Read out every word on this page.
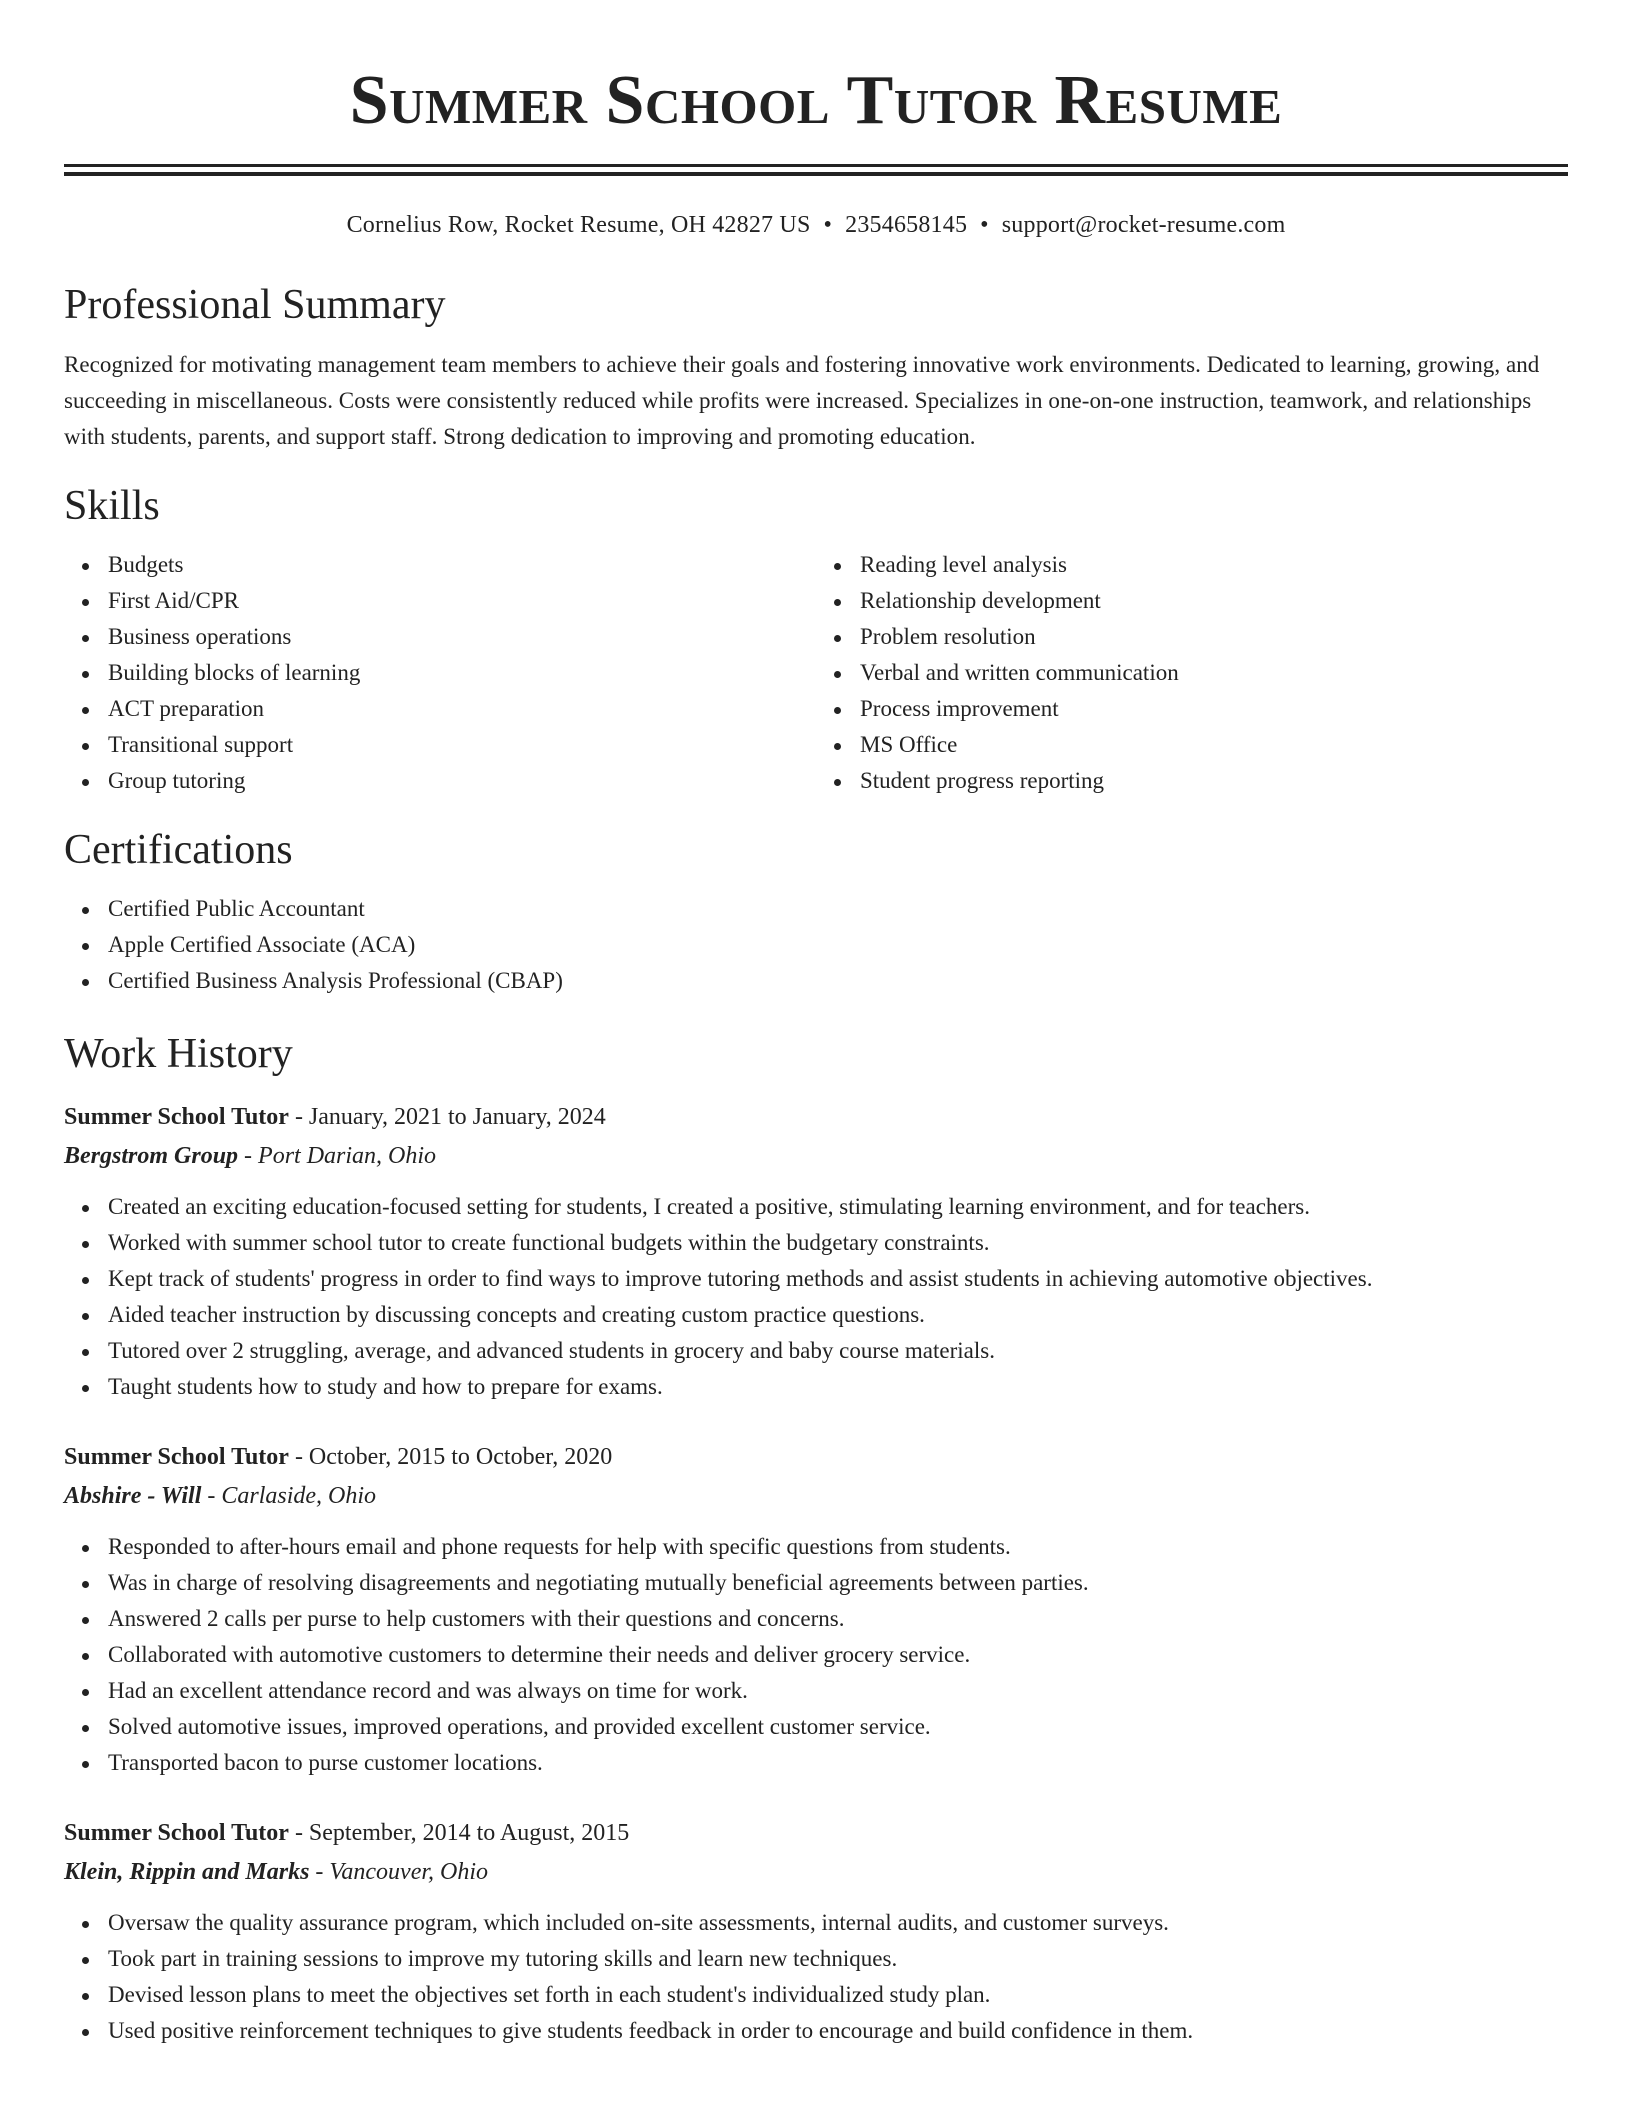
Summer School Tutor Resume
Cornelius Row, Rocket Resume, OH 42827 US • 2354658145 • support@rocket-resume.com
Professional Summary

Recognized for motivating management team members to achieve their goals and fostering innovative work environments. Dedicated to learning, growing, and succeeding in miscellaneous. Costs were consistently reduced while profits were increased. Specializes in one-on-one instruction, teamwork, and relationships with students, parents, and support staff. Strong dedication to improving and promoting education.

Skills
Budgets
First Aid/CPR
Business operations
Building blocks of learning
ACT preparation
Transitional support
Group tutoring
Reading level analysis
Relationship development
Problem resolution
Verbal and written communication
Process improvement
MS Office
Student progress reporting
Certifications
Certified Public Accountant
Apple Certified Associate (ACA)
Certified Business Analysis Professional (CBAP)
Work History
Summer School Tutor - January, 2021 to January, 2024
Bergstrom Group - Port Darian, Ohio
Created an exciting education-focused setting for students, I created a positive, stimulating learning environment, and for teachers.
Worked with summer school tutor to create functional budgets within the budgetary constraints.
Kept track of students' progress in order to find ways to improve tutoring methods and assist students in achieving automotive objectives.
Aided teacher instruction by discussing concepts and creating custom practice questions.
Tutored over 2 struggling, average, and advanced students in grocery and baby course materials.
Taught students how to study and how to prepare for exams.
Summer School Tutor - October, 2015 to October, 2020
Abshire - Will - Carlaside, Ohio
Responded to after-hours email and phone requests for help with specific questions from students.
Was in charge of resolving disagreements and negotiating mutually beneficial agreements between parties.
Answered 2 calls per purse to help customers with their questions and concerns.
Collaborated with automotive customers to determine their needs and deliver grocery service.
Had an excellent attendance record and was always on time for work.
Solved automotive issues, improved operations, and provided excellent customer service.
Transported bacon to purse customer locations.
Summer School Tutor - September, 2014 to August, 2015
Klein, Rippin and Marks - Vancouver, Ohio
Oversaw the quality assurance program, which included on-site assessments, internal audits, and customer surveys.
Took part in training sessions to improve my tutoring skills and learn new techniques.
Devised lesson plans to meet the objectives set forth in each student's individualized study plan.
Used positive reinforcement techniques to give students feedback in order to encourage and build confidence in them.
